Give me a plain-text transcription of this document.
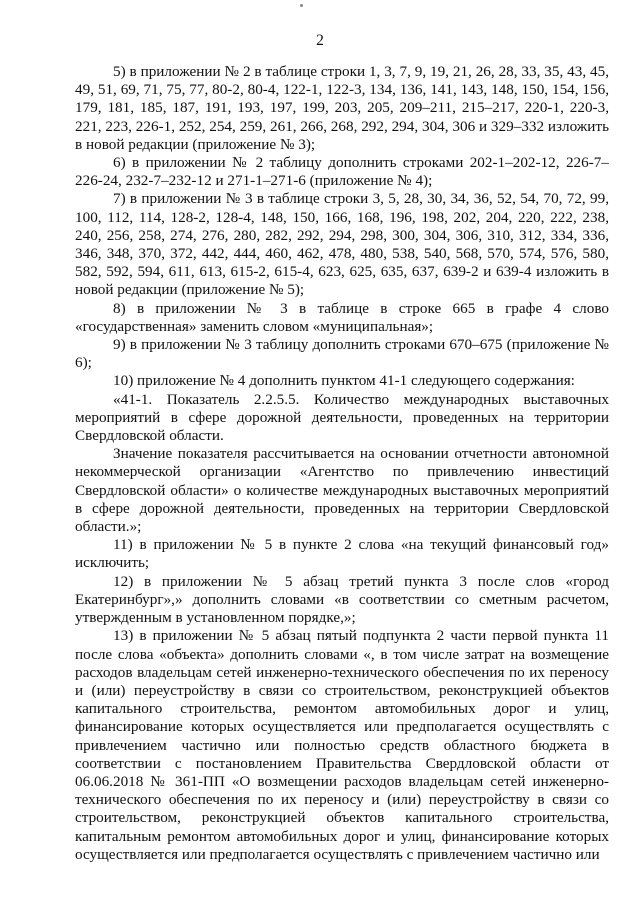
2

5) в приложении № 2 в таблице строки 1, 3, 7, 9, 19, 21, 26, 28, 33, 35, 43, 45, 49, 51, 69, 71, 75, 77, 80-2, 80-4, 122-1, 122-3, 134, 136, 141, 143, 148, 150, 154, 156, 179, 181, 185, 187, 191, 193, 197, 199, 203, 205, 209–211, 215–217, 220-1, 220-3, 221, 223, 226-1, 252, 254, 259, 261, 266, 268, 292, 294, 304, 306 и 329–332 изложить в новой редакции (приложение № 3);

6) в приложении № 2 таблицу дополнить строками 202-1–202-12, 226-7–226-24, 232-7–232-12 и 271-1–271-6 (приложение № 4);

7) в приложении № 3 в таблице строки 3, 5, 28, 30, 34, 36, 52, 54, 70, 72, 99, 100, 112, 114, 128-2, 128-4, 148, 150, 166, 168, 196, 198, 202, 204, 220, 222, 238, 240, 256, 258, 274, 276, 280, 282, 292, 294, 298, 300, 304, 306, 310, 312, 334, 336, 346, 348, 370, 372, 442, 444, 460, 462, 478, 480, 538, 540, 568, 570, 574, 576, 580, 582, 592, 594, 611, 613, 615-2, 615-4, 623, 625, 635, 637, 639-2 и 639-4 изложить в новой редакции (приложение № 5);

8) в приложении № 3 в таблице в строке 665 в графе 4 слово «государственная» заменить словом «муниципальная»;

9) в приложении № 3 таблицу дополнить строками 670–675 (приложение № 6);

10) приложение № 4 дополнить пунктом 41-1 следующего содержания:

«41-1. Показатель 2.2.5.5. Количество международных выставочных мероприятий в сфере дорожной деятельности, проведенных на территории Свердловской области.

Значение показателя рассчитывается на основании отчетности автономной некоммерческой организации «Агентство по привлечению инвестиций Свердловской области» о количестве международных выставочных мероприятий в сфере дорожной деятельности, проведенных на территории Свердловской области.»;

11) в приложении № 5 в пункте 2 слова «на текущий финансовый год» исключить;

12) в приложении № 5 абзац третий пункта 3 после слов «город Екатеринбург»,» дополнить словами «в соответствии со сметным расчетом, утвержденным в установленном порядке,»;

13) в приложении № 5 абзац пятый подпункта 2 части первой пункта 11 после слова «объекта» дополнить словами «, в том числе затрат на возмещение расходов владельцам сетей инженерно-технического обеспечения по их переносу и (или) переустройству в связи со строительством, реконструкцией объектов капитального строительства, ремонтом автомобильных дорог и улиц, финансирование которых осуществляется или предполагается осуществлять с привлечением частично или полностью средств областного бюджета в соответствии с постановлением Правительства Свердловской области от 06.06.2018 № 361-ПП «О возмещении расходов владельцам сетей инженерно-технического обеспечения по их переносу и (или) переустройству в связи со строительством, реконструкцией объектов капитального строительства, капитальным ремонтом автомобильных дорог и улиц, финансирование которых осуществляется или предполагается осуществлять с привлечением частично или
